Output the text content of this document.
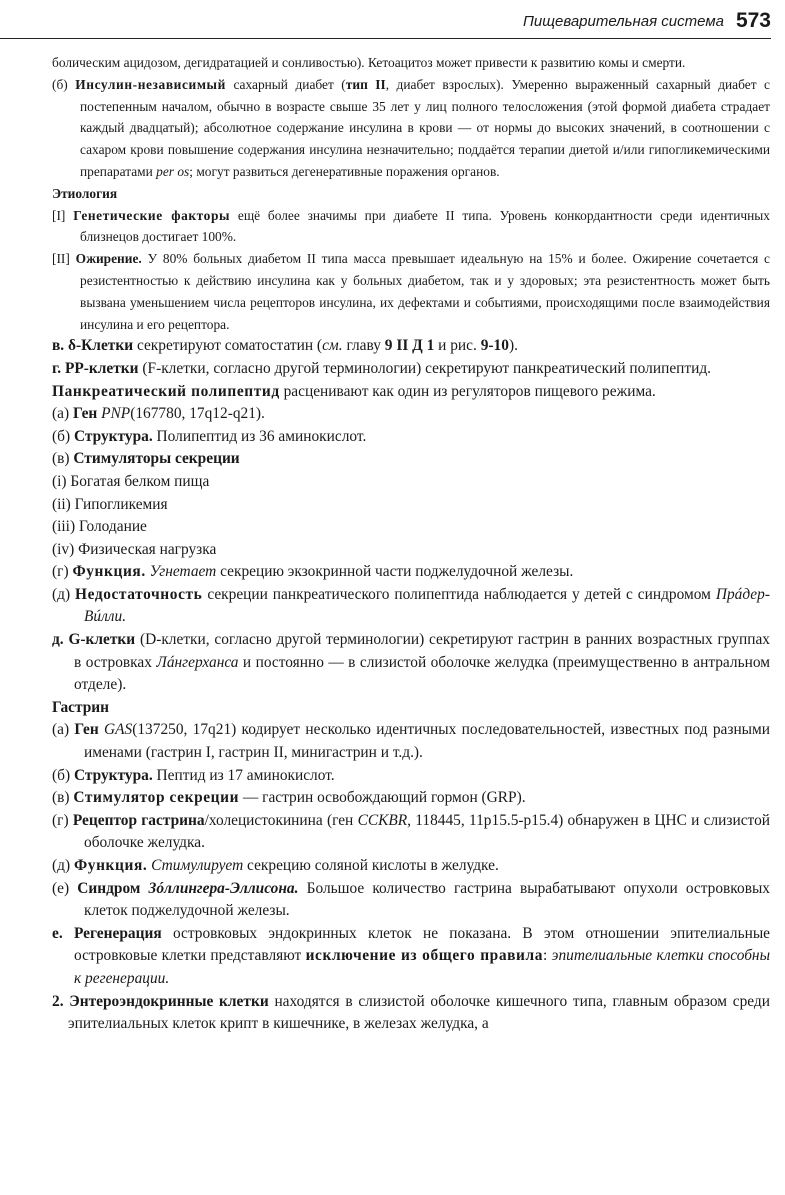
Пищеварительная система 573

болическим ацидозом, дегидратацией и сонливостью). Кетоацитоз может привести к развитию комы и смерти.

(б) Инсулин-независимый сахарный диабет (тип II, диабет взрослых). Умеренно выраженный сахарный диабет с постепенным началом, обычно в возрасте свыше 35 лет у лиц полного телосложения (этой формой диабета страдает каждый двадцатый); абсолютное содержание инсулина в крови — от нормы до высоких значений, в соотношении с сахаром крови повышение содержания инсулина незначительно; поддаётся терапии диетой и/или гипогликемическими препаратами per os; могут развиться дегенеративные поражения органов.

Этиология

[I] Генетические факторы ещё более значимы при диабете II типа. Уровень конкордантности среди идентичных близнецов достигает 100%.

[II] Ожирение. У 80% больных диабетом II типа масса превышает идеальную на 15% и более. Ожирение сочетается с резистентностью к действию инсулина как у больных диабетом, так и у здоровых; эта резистентность может быть вызвана уменьшением числа рецепторов инсулина, их дефектами и событиями, происходящими после взаимодействия инсулина и его рецептора.

в. δ-Клетки секретируют соматостатин (см. главу 9 II Д 1 и рис. 9-10).

г. PP-клетки (F-клетки, согласно другой терминологии) секретируют панкреатический полипептид.

Панкреатический полипептид расценивают как один из регуляторов пищевого режима.

(а) Ген PNP(167780, 17q12-q21).

(б) Структура. Полипептид из 36 аминокислот.

(в) Стимуляторы секреции

(i) Богатая белком пища

(ii) Гипогликемия

(iii) Голодание

(iv) Физическая нагрузка

(г) Функция. Угнетает секрецию экзокринной части поджелудочной железы.

(д) Недостаточность секреции панкреатического полипептида наблюдается у детей с синдромом Прáдер-Вúлли.

д. G-клетки (D-клетки, согласно другой терминологии) секретируют гастрин в ранних возрастных группах в островках Лáнгерханса и постоянно — в слизистой оболочке желудка (преимущественно в антральном отделе).

Гастрин

(а) Ген GAS(137250, 17q21) кодирует несколько идентичных последовательностей, известных под разными именами (гастрин I, гастрин II, минигастрин и т.д.).

(б) Структура. Пептид из 17 аминокислот.

(в) Стимулятор секреции — гастрин освобождающий гормон (GRP).

(г) Рецептор гастрина/холецистокинина (ген CCKBR, 118445, 11p15.5-p15.4) обнаружен в ЦНС и слизистой оболочке желудка.

(д) Функция. Стимулирует секрецию соляной кислоты в желудке.

(е) Синдром Зóллингера-Эллисона. Большое количество гастрина вырабатывают опухоли островковых клеток поджелудочной железы.

е. Регенерация островковых эндокринных клеток не показана. В этом отношении эпителиальные островковые клетки представляют исключение из общего правила: эпителиальные клетки способны к регенерации.

2. Энтероэндокринные клетки находятся в слизистой оболочке кишечного типа, главным образом среди эпителиальных клеток крипт в кишечнике, в железах желудка, а
